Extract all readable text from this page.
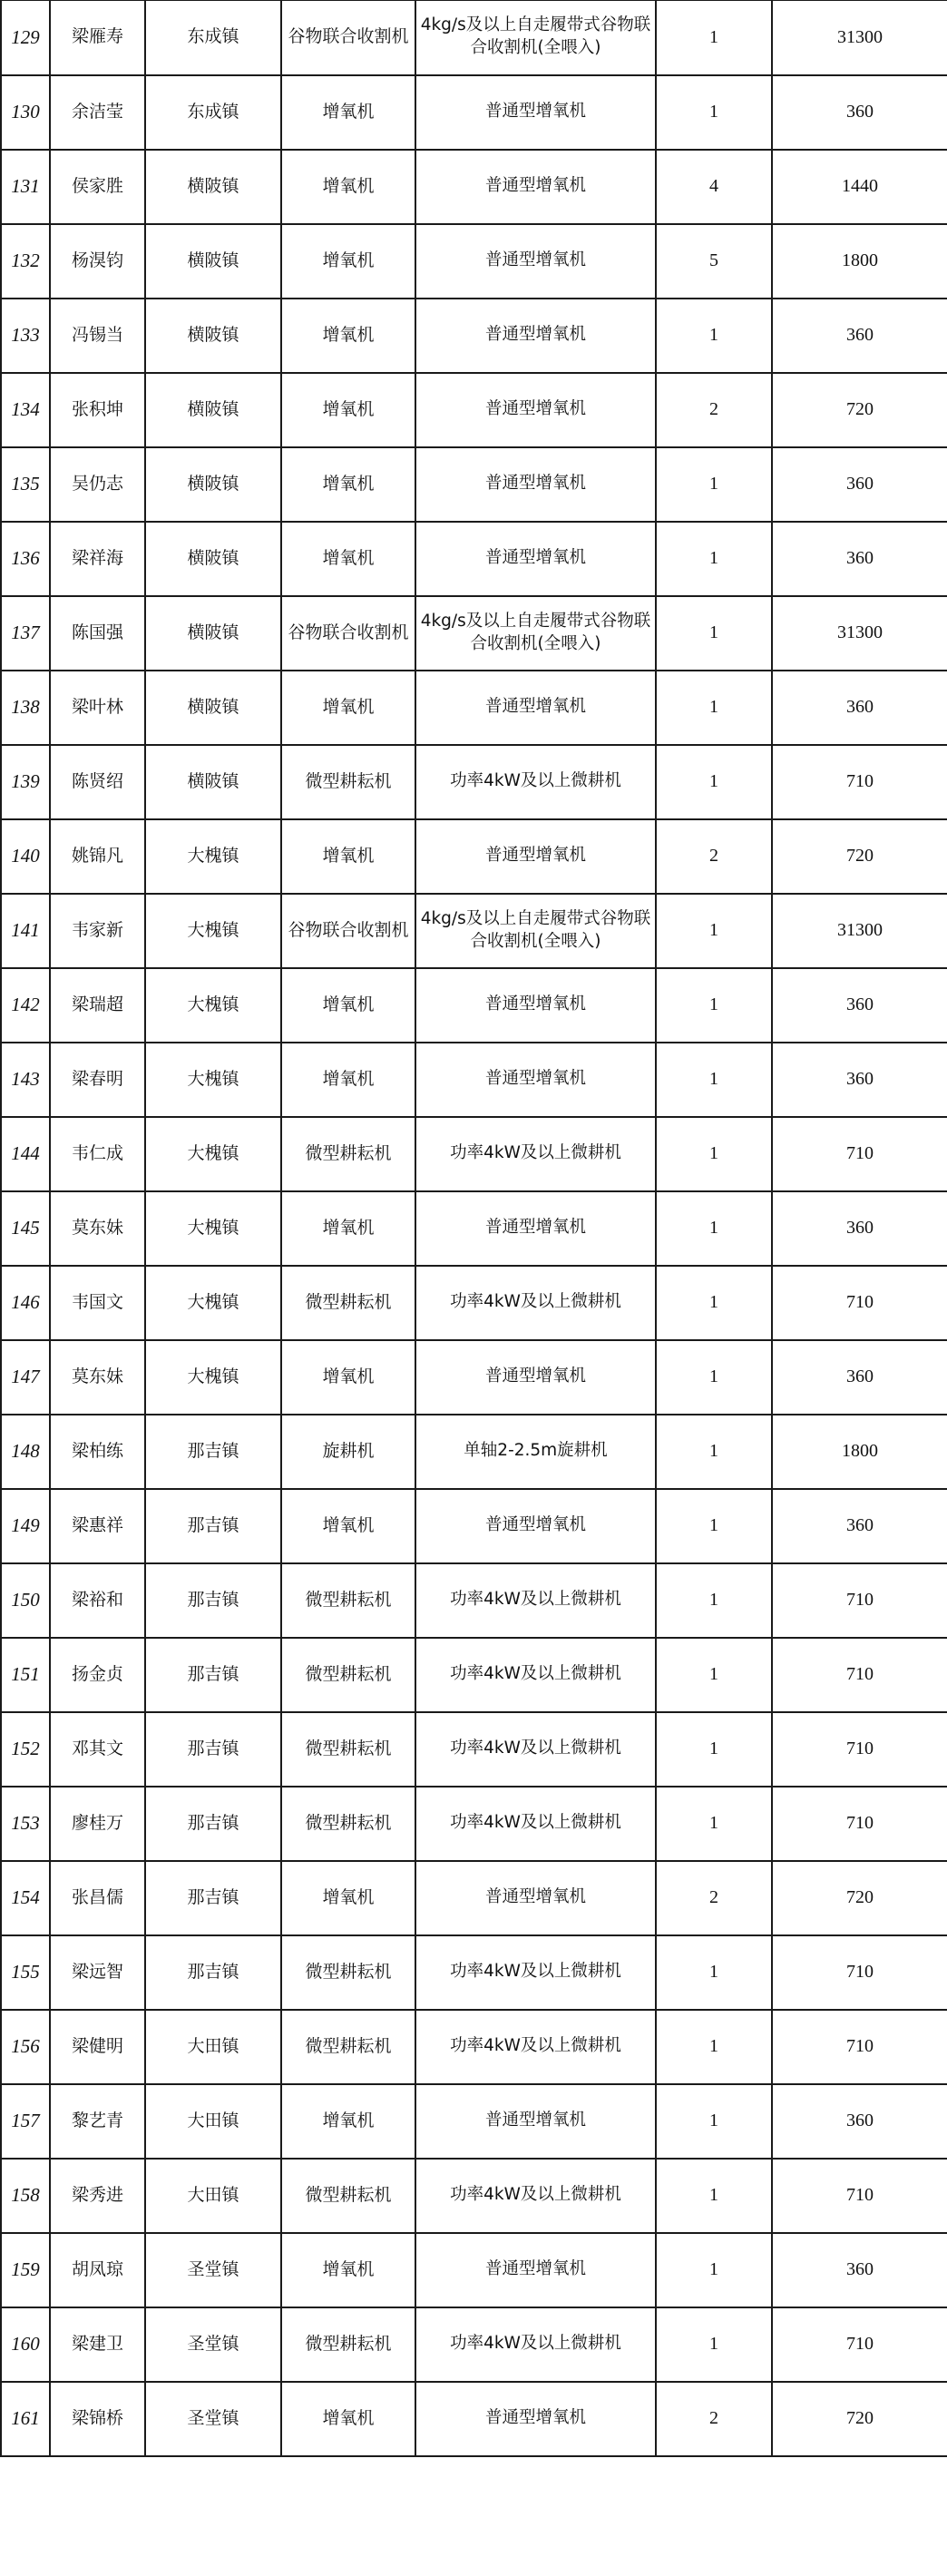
129	梁雁寿	东成镇	谷物联合收割机	4kg/s及以上自走履带式谷物联合收割机(全喂入)	1	31300
130	余洁莹	东成镇	增氧机	普通型增氧机	1	360
131	侯家胜	横陂镇	增氧机	普通型增氧机	4	1440
132	杨湨钧	横陂镇	增氧机	普通型增氧机	5	1800
133	冯锡当	横陂镇	增氧机	普通型增氧机	1	360
134	张积坤	横陂镇	增氧机	普通型增氧机	2	720
135	吴仍志	横陂镇	增氧机	普通型增氧机	1	360
136	梁祥海	横陂镇	增氧机	普通型增氧机	1	360
137	陈国强	横陂镇	谷物联合收割机	4kg/s及以上自走履带式谷物联合收割机(全喂入)	1	31300
138	梁叶林	横陂镇	增氧机	普通型增氧机	1	360
139	陈贤绍	横陂镇	微型耕耘机	功率4kW及以上微耕机	1	710
140	姚锦凡	大槐镇	增氧机	普通型增氧机	2	720
141	韦家新	大槐镇	谷物联合收割机	4kg/s及以上自走履带式谷物联合收割机(全喂入)	1	31300
142	梁瑞超	大槐镇	增氧机	普通型增氧机	1	360
143	梁春明	大槐镇	增氧机	普通型增氧机	1	360
144	韦仁成	大槐镇	微型耕耘机	功率4kW及以上微耕机	1	710
145	莫东妹	大槐镇	增氧机	普通型增氧机	1	360
146	韦国文	大槐镇	微型耕耘机	功率4kW及以上微耕机	1	710
147	莫东妹	大槐镇	增氧机	普通型增氧机	1	360
148	梁柏练	那吉镇	旋耕机	单轴2-2.5m旋耕机	1	1800
149	梁惠祥	那吉镇	增氧机	普通型增氧机	1	360
150	梁裕和	那吉镇	微型耕耘机	功率4kW及以上微耕机	1	710
151	扬金贞	那吉镇	微型耕耘机	功率4kW及以上微耕机	1	710
152	邓其文	那吉镇	微型耕耘机	功率4kW及以上微耕机	1	710
153	廖桂万	那吉镇	微型耕耘机	功率4kW及以上微耕机	1	710
154	张昌儒	那吉镇	增氧机	普通型增氧机	2	720
155	梁远智	那吉镇	微型耕耘机	功率4kW及以上微耕机	1	710
156	梁健明	大田镇	微型耕耘机	功率4kW及以上微耕机	1	710
157	黎艺青	大田镇	增氧机	普通型增氧机	1	360
158	梁秀进	大田镇	微型耕耘机	功率4kW及以上微耕机	1	710
159	胡凤琼	圣堂镇	增氧机	普通型增氧机	1	360
160	梁建卫	圣堂镇	微型耕耘机	功率4kW及以上微耕机	1	710
161	梁锦桥	圣堂镇	增氧机	普通型增氧机	2	720
